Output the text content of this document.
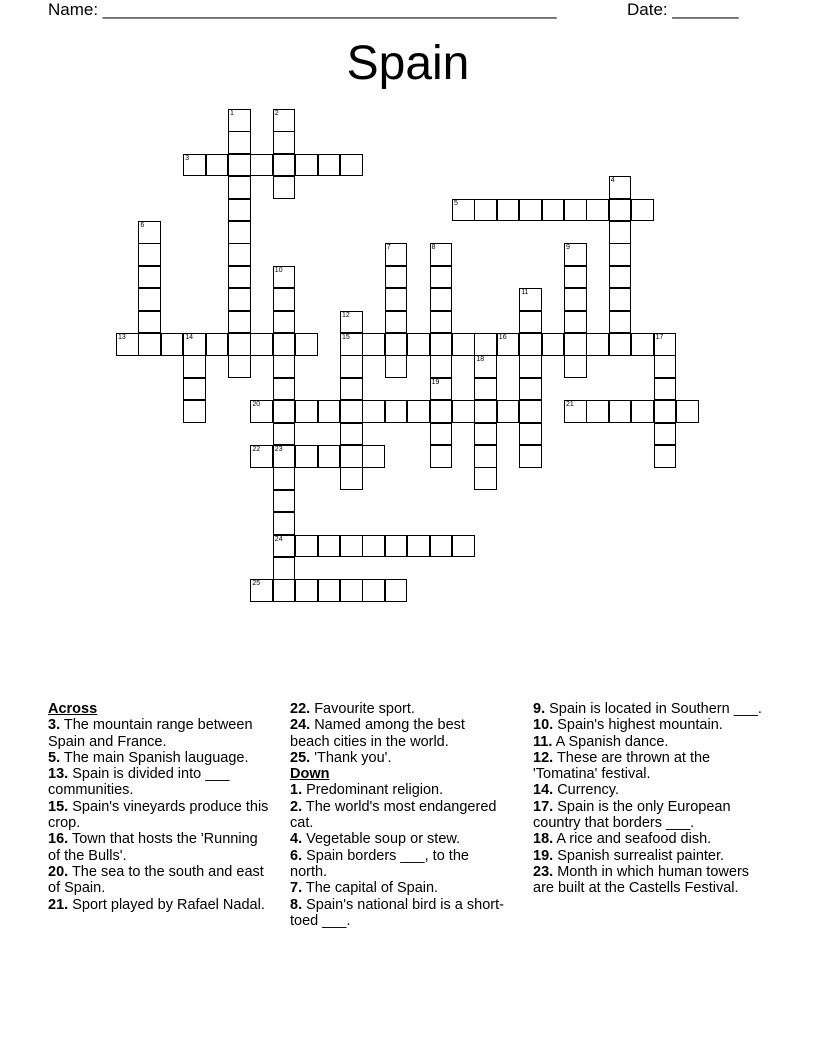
Name: ________________________________________________	Date: _______
Spain
1	2
3
4
5
6
7	8	9
10
23
11
12
15
13	14	16	17
18
19
20	21
22
24
25
Across
3. The mountain range between Spain and France.
5. The main Spanish lauguage.
13. Spain is divided into ___ communities.
15. Spain's vineyards produce this crop.
16. Town that hosts the 'Running of the Bulls'.
20. The sea to the south and east of Spain.
21. Sport played by Rafael Nadal.
22. Favourite sport.
24. Named among the best beach cities in the world.
25. 'Thank you'.
Down
1. Predominant religion.
2. The world's most endangered cat.
4. Vegetable soup or stew.
6. Spain borders ___, to the north.
7. The capital of Spain.
8. Spain's national bird is a short-toed ___.
9. Spain is located in Southern ___.
10. Spain's highest mountain.
11. A Spanish dance.
12. These are thrown at the 'Tomatina' festival.
14. Currency.
17. Spain is the only European country that borders ___.
18. A rice and seafood dish.
19. Spanish surrealist painter.
23. Month in which human towers are built at the Castells Festival.
